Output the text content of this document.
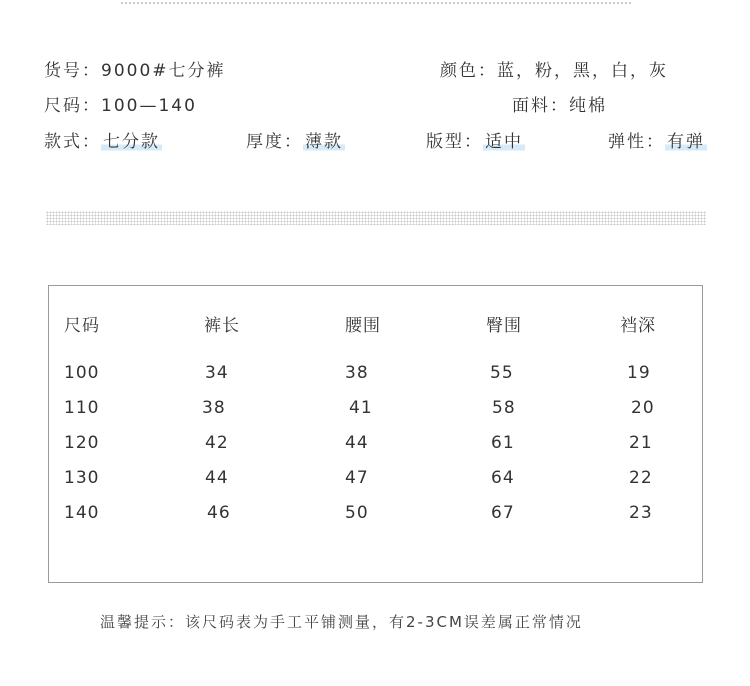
货号：9000#七分裤	颜色：蓝，粉，黑，白，灰
尺码：100—140	面料：纯棉
款式： 七分款	厚度： 薄款	版型： 适中	弹性： 有弹
尺码	裤长	腰围	臀围	裆深
100	34	38	55	19
110	38	41	58	20
120	42	44	61	21
130	44	47	64	22
140	46	50	67	23
温馨提示：该尺码表为手工平铺测量，有2-3CM误差属正常情况
